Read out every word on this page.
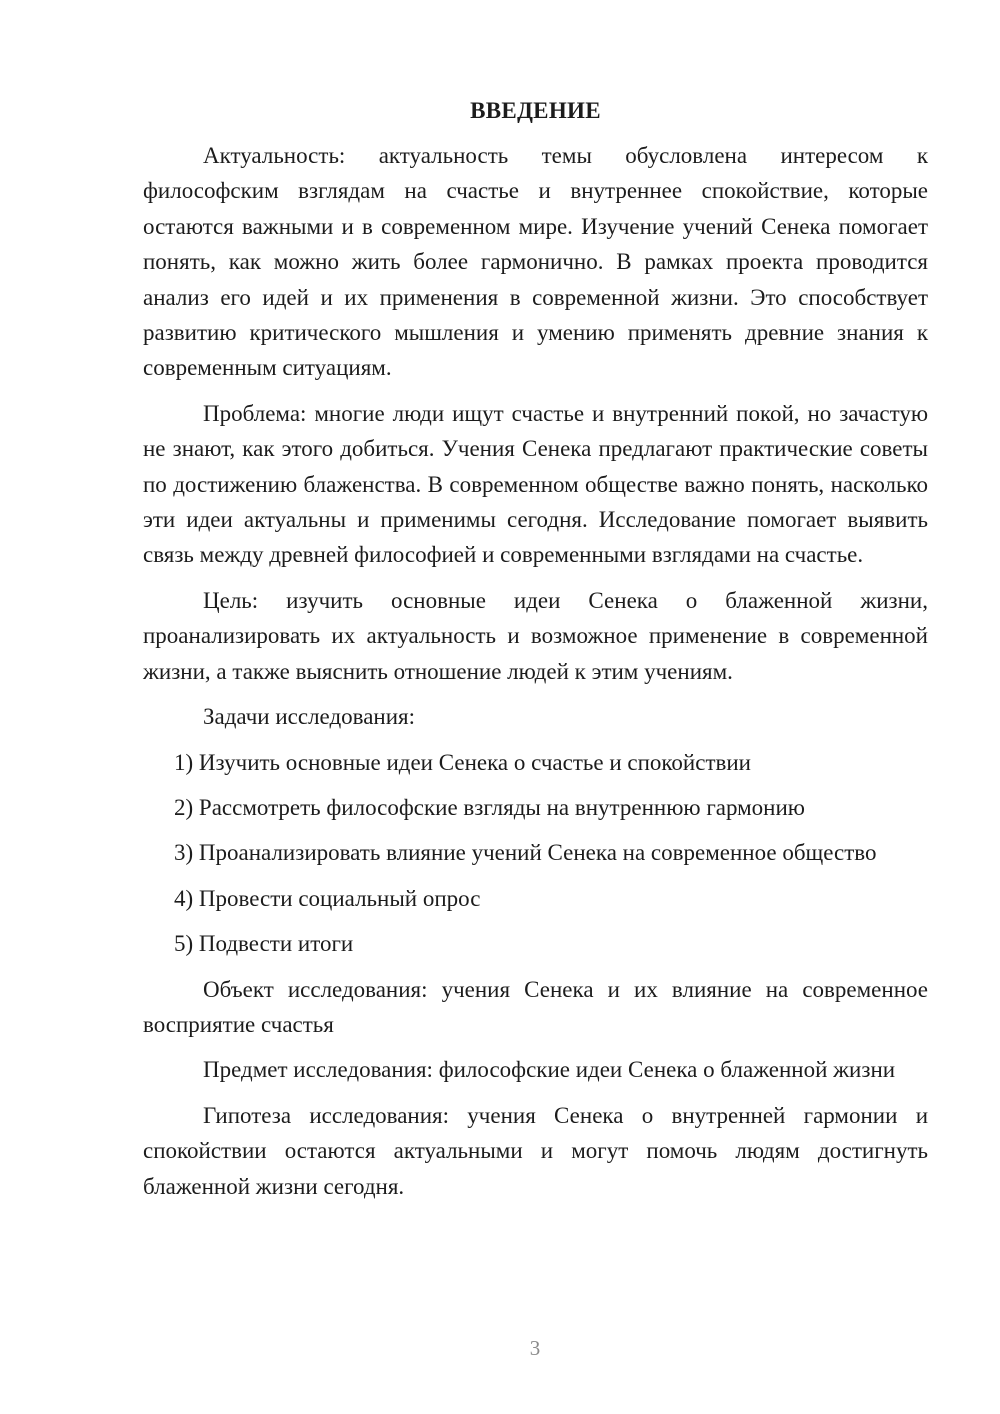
ВВЕДЕНИЕ

Актуальность: актуальность темы обусловлена интересом к философским взглядам на счастье и внутреннее спокойствие, которые остаются важными и в современном мире. Изучение учений Сенека помогает понять, как можно жить более гармонично. В рамках проекта проводится анализ его идей и их применения в современной жизни. Это способствует развитию критического мышления и умению применять древние знания к современным ситуациям.

Проблема: многие люди ищут счастье и внутренний покой, но зачастую не знают, как этого добиться. Учения Сенека предлагают практические советы по достижению блаженства. В современном обществе важно понять, насколько эти идеи актуальны и применимы сегодня. Исследование помогает выявить связь между древней философией и современными взглядами на счастье.

Цель: изучить основные идеи Сенека о блаженной жизни, проанализировать их актуальность и возможное применение в современной жизни, а также выяснить отношение людей к этим учениям.

Задачи исследования:

1) Изучить основные идеи Сенека о счастье и спокойствии

2) Рассмотреть философские взгляды на внутреннюю гармонию

3) Проанализировать влияние учений Сенека на современное общество

4) Провести социальный опрос

5) Подвести итоги

Объект исследования: учения Сенека и их влияние на современное восприятие счастья

Предмет исследования: философские идеи Сенека о блаженной жизни

Гипотеза исследования: учения Сенека о внутренней гармонии и спокойствии остаются актуальными и могут помочь людям достигнуть блаженной жизни сегодня.

3
